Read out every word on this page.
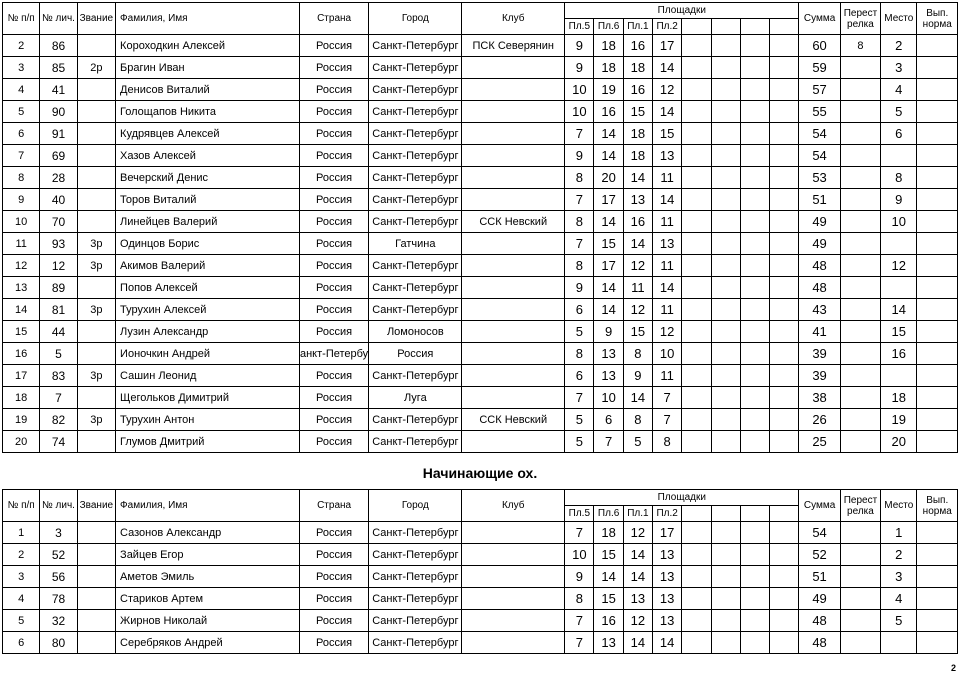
№ п/п	№ лич.	Звание	Фамилия, Имя	Страна	Город	Клуб	Площадки								Сумма	Перест релка	Место	Вып. норма
							Пл.5	Пл.6	Пл.1	Пл.2								
2	86		Короходкин Алексей	Россия	Санкт-Петербург	ПСК Северянин	9	18	16	17					60	8	2	
3	85	2р	Брагин Иван	Россия	Санкт-Петербург		9	18	18	14					59		3	
4	41		Денисов Виталий	Россия	Санкт-Петербург		10	19	16	12					57		4	
5	90		Голощапов Никита	Россия	Санкт-Петербург		10	16	15	14					55		5	
6	91		Кудрявцев Алексей	Россия	Санкт-Петербург		7	14	18	15					54		6	
7	69		Хазов Алексей	Россия	Санкт-Петербург		9	14	18	13					54			
8	28		Вечерский Денис	Россия	Санкт-Петербург		8	20	14	11					53		8	
9	40		Торов Виталий	Россия	Санкт-Петербург		7	17	13	14					51		9	
10	70		Линейцев Валерий	Россия	Санкт-Петербург	ССК Невский	8	14	16	11					49		10	
11	93	3р	Одинцов Борис	Россия	Гатчина		7	15	14	13					49			
12	12	3р	Акимов Валерий	Россия	Санкт-Петербург		8	17	12	11					48		12	
13	89		Попов Алексей	Россия	Санкт-Петербург		9	14	11	14					48			
14	81	3р	Турухин Алексей	Россия	Санкт-Петербург		6	14	12	11					43		14	
15	44		Лузин Александр	Россия	Ломоносов		5	9	15	12					41		15	
16	5		Ионочкин Андрей	анкт-Петербу	Россия		8	13	8	10					39		16	
17	83	3р	Сашин Леонид	Россия	Санкт-Петербург		6	13	9	11					39			
18	7		Щегольков Димитрий	Россия	Луга		7	10	14	7					38		18	
19	82	3р	Турухин Антон	Россия	Санкт-Петербург	ССК Невский	5	6	8	7					26		19	
20	74		Глумов Дмитрий	Россия	Санкт-Петербург		5	7	5	8					25		20	
Начинающие ох.
№ п/п	№ лич.	Звание	Фамилия, Имя	Страна	Город	Клуб	Площадки								Сумма	Перест релка	Место	Вып. норма
							Пл.5	Пл.6	Пл.1	Пл.2								
1	3		Сазонов Александр	Россия	Санкт-Петербург		7	18	12	17					54		1	
2	52		Зайцев Егор	Россия	Санкт-Петербург		10	15	14	13					52		2	
3	56		Аметов Эмиль	Россия	Санкт-Петербург		9	14	14	13					51		3	
4	78		Стариков Артем	Россия	Санкт-Петербург		8	15	13	13					49		4	
5	32		Жирнов Николай	Россия	Санкт-Петербург		7	16	12	13					48		5	
6	80		Серебряков Андрей	Россия	Санкт-Петербург		7	13	14	14					48			
2
